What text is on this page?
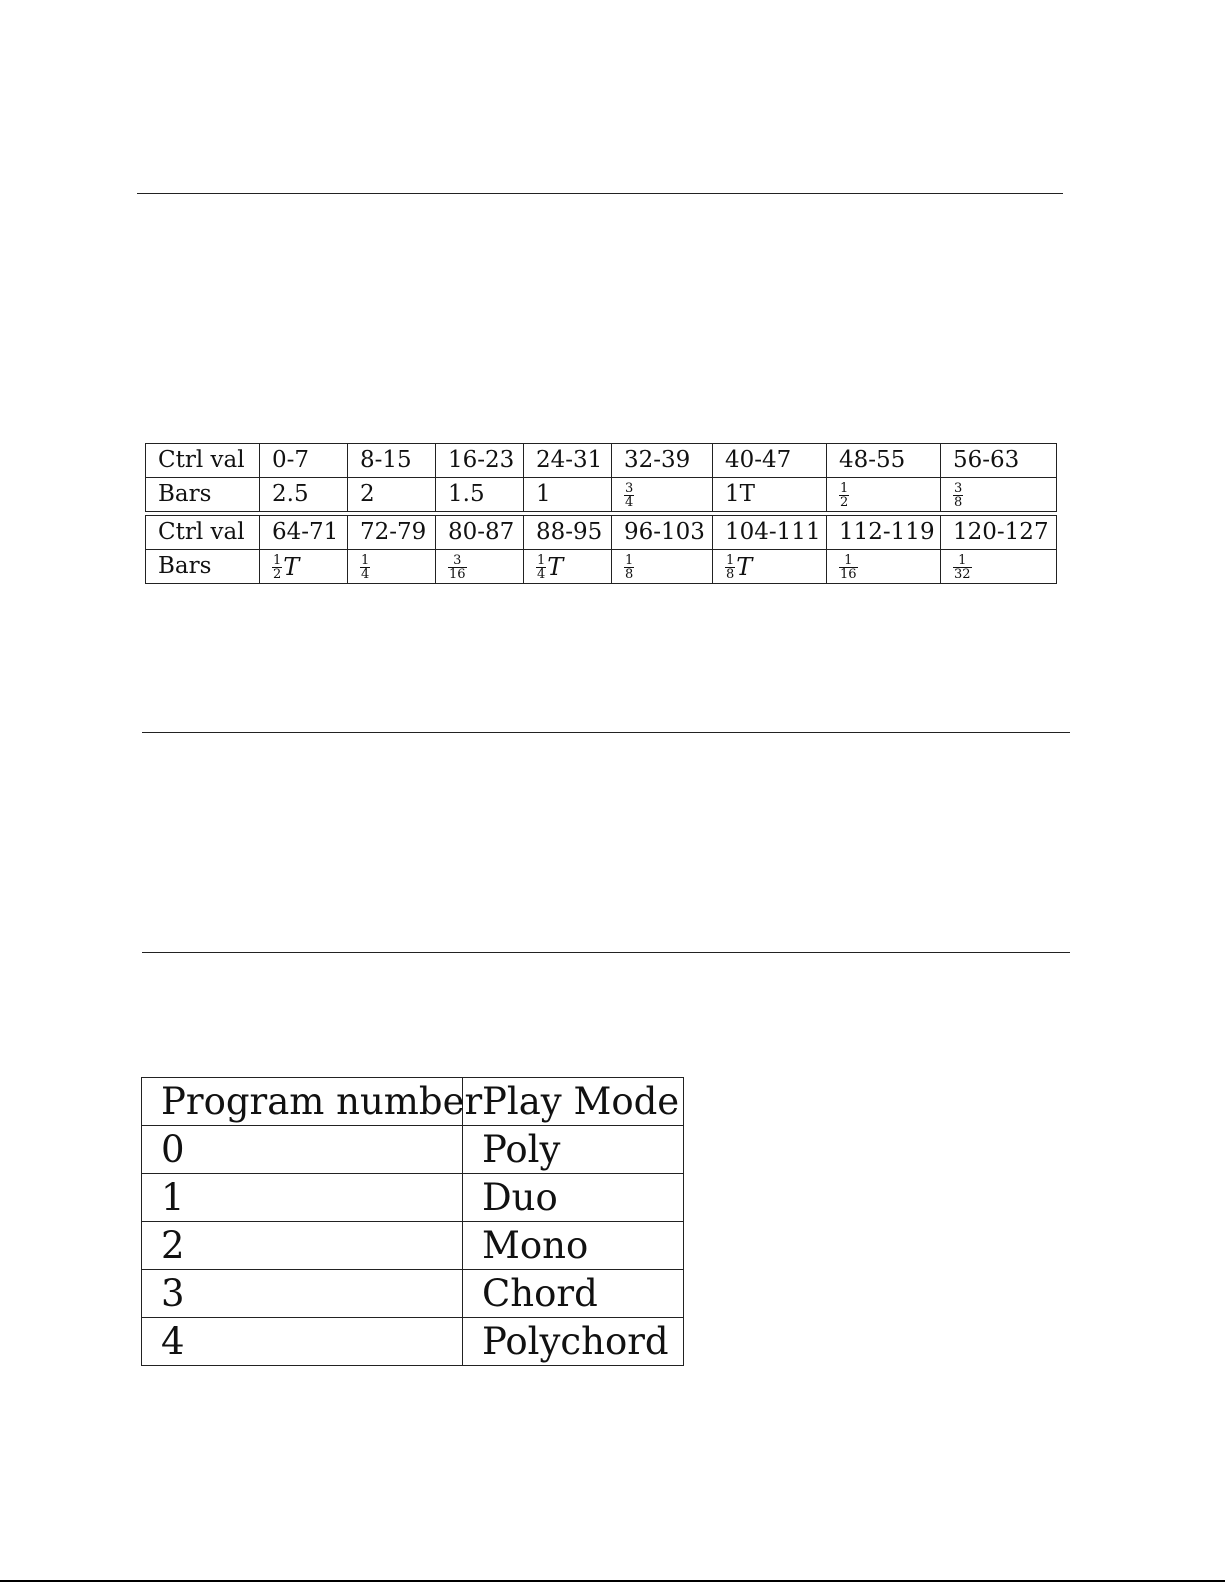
Ctrl val	0-7	8-15	16-23	24-31	32-39	40-47	48-55	56-63
Bars	2.5	2	1.5	1	$\frac{3}{4}$	1T	$\frac{1}{2}$	$\frac{3}{8}$
Ctrl val	64-71	72-79	80-87	88-95	96-103	104-111	112-119	120-127
Bars	$\frac{1}{2}$ T	$\frac{1}{4}$	$\frac{3}{16}$	$\frac{1}{4}$ T	$\frac{1}{8}$	$\frac{1}{8}$ T	$\frac{1}{16}$	$\frac{1}{32}$
Program number	Play Mode
0	Poly
1	Duo
2	Mono
3	Chord
4	Polychord
